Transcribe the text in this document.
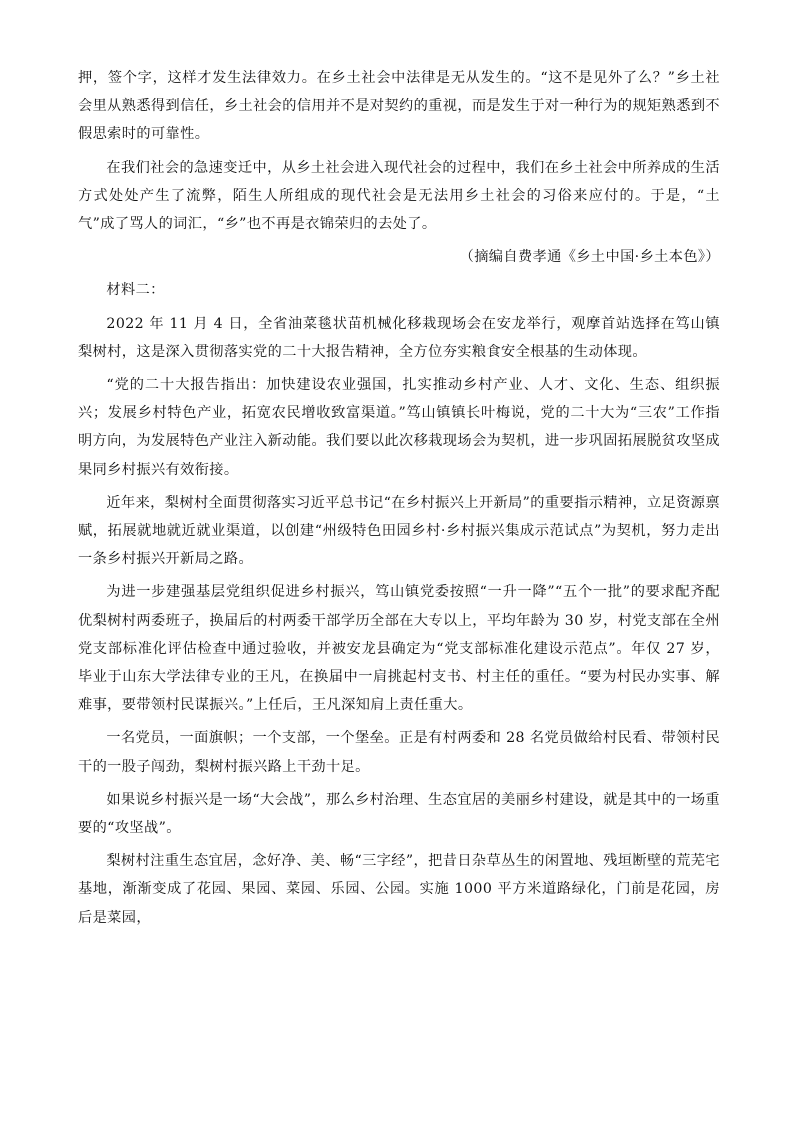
押，签个字，这样才发生法律效力。在乡土社会中法律是无从发生的。“这不是见外了么？”乡土社会里从熟悉得到信任，乡土社会的信用并不是对契约的重视，而是发生于对一种行为的规矩熟悉到不假思索时的可靠性。

在我们社会的急速变迁中，从乡土社会进入现代社会的过程中，我们在乡土社会中所养成的生活方式处处产生了流弊，陌生人所组成的现代社会是无法用乡土社会的习俗来应付的。于是，“土气”成了骂人的词汇，“乡”也不再是衣锦荣归的去处了。

（摘编自费孝通《乡土中国·乡土本色》）

材料二：

2022 年 11 月 4 日，全省油菜毯状苗机械化移栽现场会在安龙举行，观摩首站选择在笃山镇梨树村，这是深入贯彻落实党的二十大报告精神，全方位夯实粮食安全根基的生动体现。

“党的二十大报告指出：加快建设农业强国，扎实推动乡村产业、人才、文化、生态、组织振兴；发展乡村特色产业，拓宽农民增收致富渠道。”笃山镇镇长叶梅说，党的二十大为“三农”工作指明方向，为发展特色产业注入新动能。我们要以此次移栽现场会为契机，进一步巩固拓展脱贫攻坚成果同乡村振兴有效衔接。

近年来，梨树村全面贯彻落实习近平总书记“在乡村振兴上开新局”的重要指示精神，立足资源禀赋，拓展就地就近就业渠道，以创建“州级特色田园乡村·乡村振兴集成示范试点”为契机，努力走出一条乡村振兴开新局之路。

为进一步建强基层党组织促进乡村振兴，笃山镇党委按照“一升一降”“五个一批”的要求配齐配优梨树村两委班子，换届后的村两委干部学历全部在大专以上，平均年龄为 30 岁，村党支部在全州党支部标准化评估检查中通过验收，并被安龙县确定为“党支部标准化建设示范点”。年仅 27 岁，毕业于山东大学法律专业的王凡，在换届中一肩挑起村支书、村主任的重任。“要为村民办实事、解难事，要带领村民谋振兴。”上任后，王凡深知肩上责任重大。

一名党员，一面旗帜；一个支部，一个堡垒。正是有村两委和 28 名党员做给村民看、带领村民干的一股子闯劲，梨树村振兴路上干劲十足。

如果说乡村振兴是一场“大会战”，那么乡村治理、生态宜居的美丽乡村建设，就是其中的一场重要的“攻坚战”。

梨树村注重生态宜居，念好净、美、畅“三字经”，把昔日杂草丛生的闲置地、残垣断壁的荒芜宅基地，渐渐变成了花园、果园、菜园、乐园、公园。实施 1000 平方米道路绿化，门前是花园，房后是菜园，
